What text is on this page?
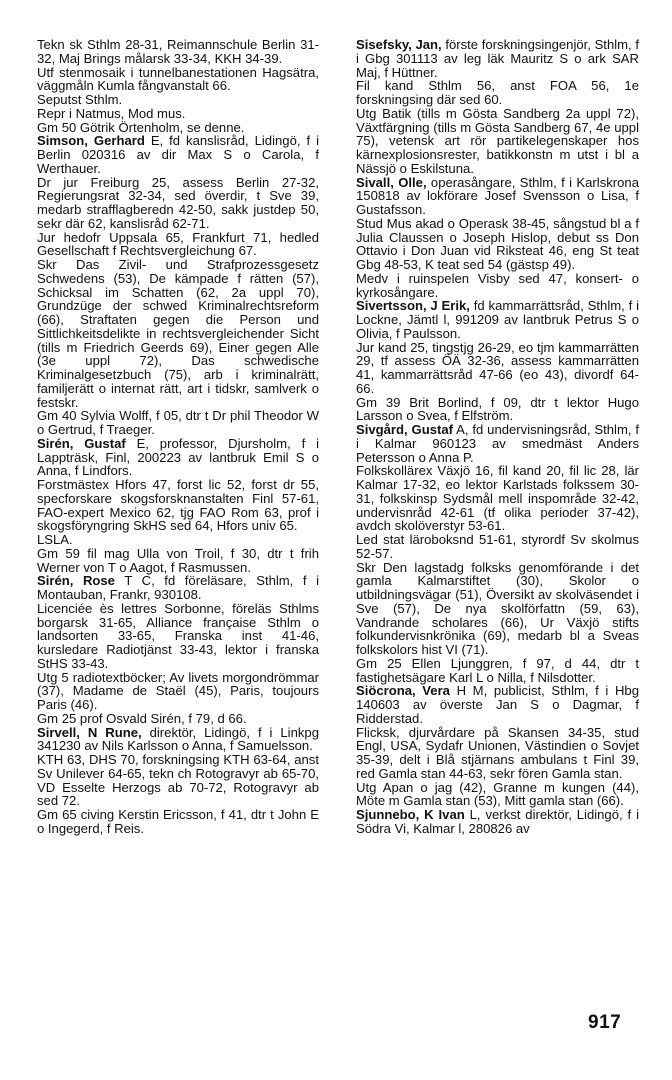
Tekn sk Sthlm 28-31, Reimannschule Berlin 31-32, Maj Brings målarsk 33-34, KKH 34-39.

Utf stenmosaik i tunnelbanestationen Hagsätra, väggmåln Kumla fångvanstalt 66.

Seputst Sthlm.

Repr i Natmus, Mod mus.

Gm 50 Götrik Örtenholm, se denne.

Simson, Gerhard E, fd kanslisråd, Lidingö, f i Berlin 020316 av dir Max S o Carola, f Werthauer.

Dr jur Freiburg 25, assess Berlin 27-32, Regierungsrat 32-34, sed överdir, t Sve 39, medarb strafflagberedn 42-50, sakk justdep 50, sekr där 62, kanslisråd 62-71.

Jur hedofr Uppsala 65, Frankfurt 71, hedled Gesellschaft f Rechtsvergleichung 67.

Skr Das Zivil- und Strafprozessgesetz Schwedens (53), De kämpade f rätten (57), Schicksal im Schatten (62, 2a uppl 70), Grundzüge der schwed Kriminalrechtsreform (66), Straftaten gegen die Person und Sittlichkeitsdelikte in rechtsvergleichender Sicht (tills m Friedrich Geerds 69), Einer gegen Alle (3e uppl 72), Das schwedische Kriminalgesetzbuch (75), arb i kriminalrätt, familjerätt o internat rätt, art i tidskr, samlverk o festskr.

Gm 40 Sylvia Wolff, f 05, dtr t Dr phil Theodor W o Gertrud, f Traeger.

Sirén, Gustaf E, professor, Djursholm, f i Lappträsk, Finl, 200223 av lantbruk Emil S o Anna, f Lindfors.

Forstmästex Hfors 47, forst lic 52, forst dr 55, specforskare skogsforsknanstalten Finl 57-61, FAO-expert Mexico 62, tjg FAO Rom 63, prof i skogsföryngring SkHS sed 64, Hfors univ 65.

LSLA.

Gm 59 fil mag Ulla von Troil, f 30, dtr t frih Werner von T o Aagot, f Rasmussen.

Sirén, Rose T C, fd föreläsare, Sthlm, f i Montauban, Frankr, 930108.

Licenciée ès lettres Sorbonne, föreläs Sthlms borgarsk 31-65, Alliance française Sthlm o landsorten 33-65, Franska inst 41-46, kursledare Radiotjänst 33-43, lektor i franska StHS 33-43.

Utg 5 radiotextböcker; Av livets morgondrömmar (37), Madame de Staël (45), Paris, toujours Paris (46).

Gm 25 prof Osvald Sirén, f 79, d 66.

Sirvell, N Rune, direktör, Lidingö, f i Linkpg 341230 av Nils Karlsson o Anna, f Samuelsson.

KTH 63, DHS 70, forskningsing KTH 63-64, anst Sv Unilever 64-65, tekn ch Rotogravyr ab 65-70, VD Esselte Herzogs ab 70-72, Rotogravyr ab sed 72.

Gm 65 civing Kerstin Ericsson, f 41, dtr t John E o Ingegerd, f Reis.

Sisefsky, Jan, förste forskningsingenjör, Sthlm, f i Gbg 301113 av leg läk Mauritz S o ark SAR Maj, f Hüttner.

Fil kand Sthlm 56, anst FOA 56, 1e forskningsing där sed 60.

Utg Batik (tills m Gösta Sandberg 2a uppl 72), Växtfärgning (tills m Gösta Sandberg 67, 4e uppl 75), vetensk art rör partikelegenskaper hos kärnexplosionsrester, batikkonstn m utst i bl a Nässjö o Eskilstuna.

Sivall, Olle, operasångare, Sthlm, f i Karlskrona 150818 av lokförare Josef Svensson o Lisa, f Gustafsson.

Stud Mus akad o Operask 38-45, sångstud bl a f Julia Claussen o Joseph Hislop, debut ss Don Ottavio i Don Juan vid Riksteat 46, eng St teat Gbg 48-53, K teat sed 54 (gästsp 49).

Medv i ruinspelen Visby sed 47, konsert- o kyrkosångare.

Sivertsson, J Erik, fd kammarrättsråd, Sthlm, f i Lockne, Jämtl l, 991209 av lantbruk Petrus S o Olivia, f Paulsson.

Jur kand 25, tingstjg 26-29, eo tjm kammarrätten 29, tf assess ÖÄ 32-36, assess kammarrätten 41, kammarrättsråd 47-66 (eo 43), divordf 64-66.

Gm 39 Brit Borlind, f 09, dtr t lektor Hugo Larsson o Svea, f Elfström.

Sivgård, Gustaf A, fd undervisningsråd, Sthlm, f i Kalmar 960123 av smedmäst Anders Petersson o Anna P.

Folkskollärex Växjö 16, fil kand 20, fil lic 28, lär Kalmar 17-32, eo lektor Karlstads folkssem 30-31, folkskinsp Sydsmål mell inspområde 32-42, undervisnråd 42-61 (tf olika perioder 37-42), avdch skolöverstyr 53-61.

Led stat läroboksnd 51-61, styrordf Sv skolmus 52-57.

Skr Den lagstadg folksks genomförande i det gamla Kalmarstiftet (30), Skolor o utbildningsvägar (51), Översikt av skolväsendet i Sve (57), De nya skolförfattn (59, 63), Vandrande scholares (66), Ur Växjö stifts folkundervisnkrönika (69), medarb bl a Sveas folkskolors hist VI (71).

Gm 25 Ellen Ljunggren, f 97, d 44, dtr t fastighetsägare Karl L o Nilla, f Nilsdotter.

Siöcrona, Vera H M, publicist, Sthlm, f i Hbg 140603 av överste Jan S o Dagmar, f Ridderstad.

Flicksk, djurvårdare på Skansen 34-35, stud Engl, USA, Sydafr Unionen, Västindien o Sovjet 35-39, delt i Blå stjärnans ambulans t Finl 39, red Gamla stan 44-63, sekr fören Gamla stan.

Utg Apan o jag (42), Granne m kungen (44), Möte m Gamla stan (53), Mitt gamla stan (66).

Sjunnebo, K Ivan L, verkst direktör, Lidingö, f i Södra Vi, Kalmar l, 280826 av

917
